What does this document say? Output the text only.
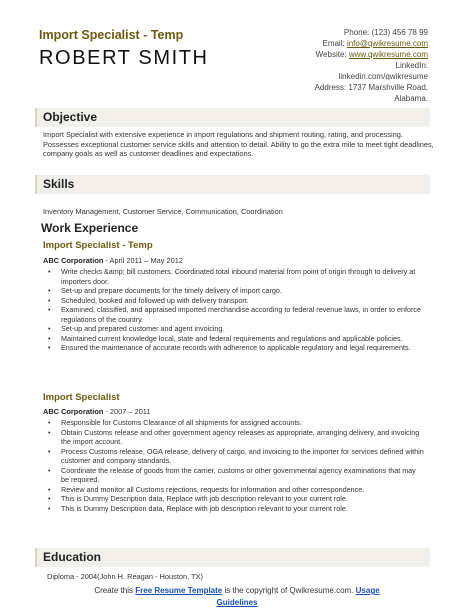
Import Specialist - Temp
ROBERT SMITH
Phone: (123) 456 78 99
Email: info@qwikresume.com
Website: www.qwikresume.com
LinkedIn:
linkedin.com/qwikresume
Address: 1737 Marshville Road,
Alabama.
Objective
Import Specialist with extensive experience in import regulations and shipment routing, rating, and processing. Possesses exceptional customer service skills and attention to detail. Ability to go the extra mile to meet tight deadlines, company goals as well as customer deadlines and expectations.
Skills
Inventory Management, Customer Service, Communication, Coordination
Work Experience
Import Specialist - Temp
ABC Corporation - April 2011 – May 2012
• Write checks &amp; bill customers. Coordinated total inbound material from point of origin through to delivery at importers door.
• Set-up and prepare documents for the timely delivery of import cargo.
• Scheduled, booked and followed up with delivery transport.
• Examined, classified, and appraised imported merchandise according to federal revenue laws, in order to enforce regulations of the country.
• Set-up and prepared customer and agent invoicing.
• Maintained current knowledge local, state and federal requirements and regulations and applicable policies.
• Ensured the maintenance of accurate records with adherence to applicable regulatory and legal requirements.
Import Specialist
ABC Corporation - 2007 – 2011
• Responsible for Customs Clearance of all shipments for assigned accounts.
• Obtain Customs release and other government agency releases as appropriate, arranging delivery, and invoicing the import account.
• Process Customs release, OGA release, delivery of cargo, and invoicing to the importer for services defined within customer and company standards.
• Coordinate the release of goods from the carrier, customs or other governmental agency examinations that may be required.
• Review and monitor all Customs rejections, requests for information and other correspondence.
• This is Dummy Description data, Replace with job description relevant to your current role.
• This is Dummy Description data, Replace with job description relevant to your current role.
Education
Diploma - 2004(John H. Reagan - Houston, TX)
Create this Free Resume Template is the copyright of Qwikresume.com. Usage
Guidelines
